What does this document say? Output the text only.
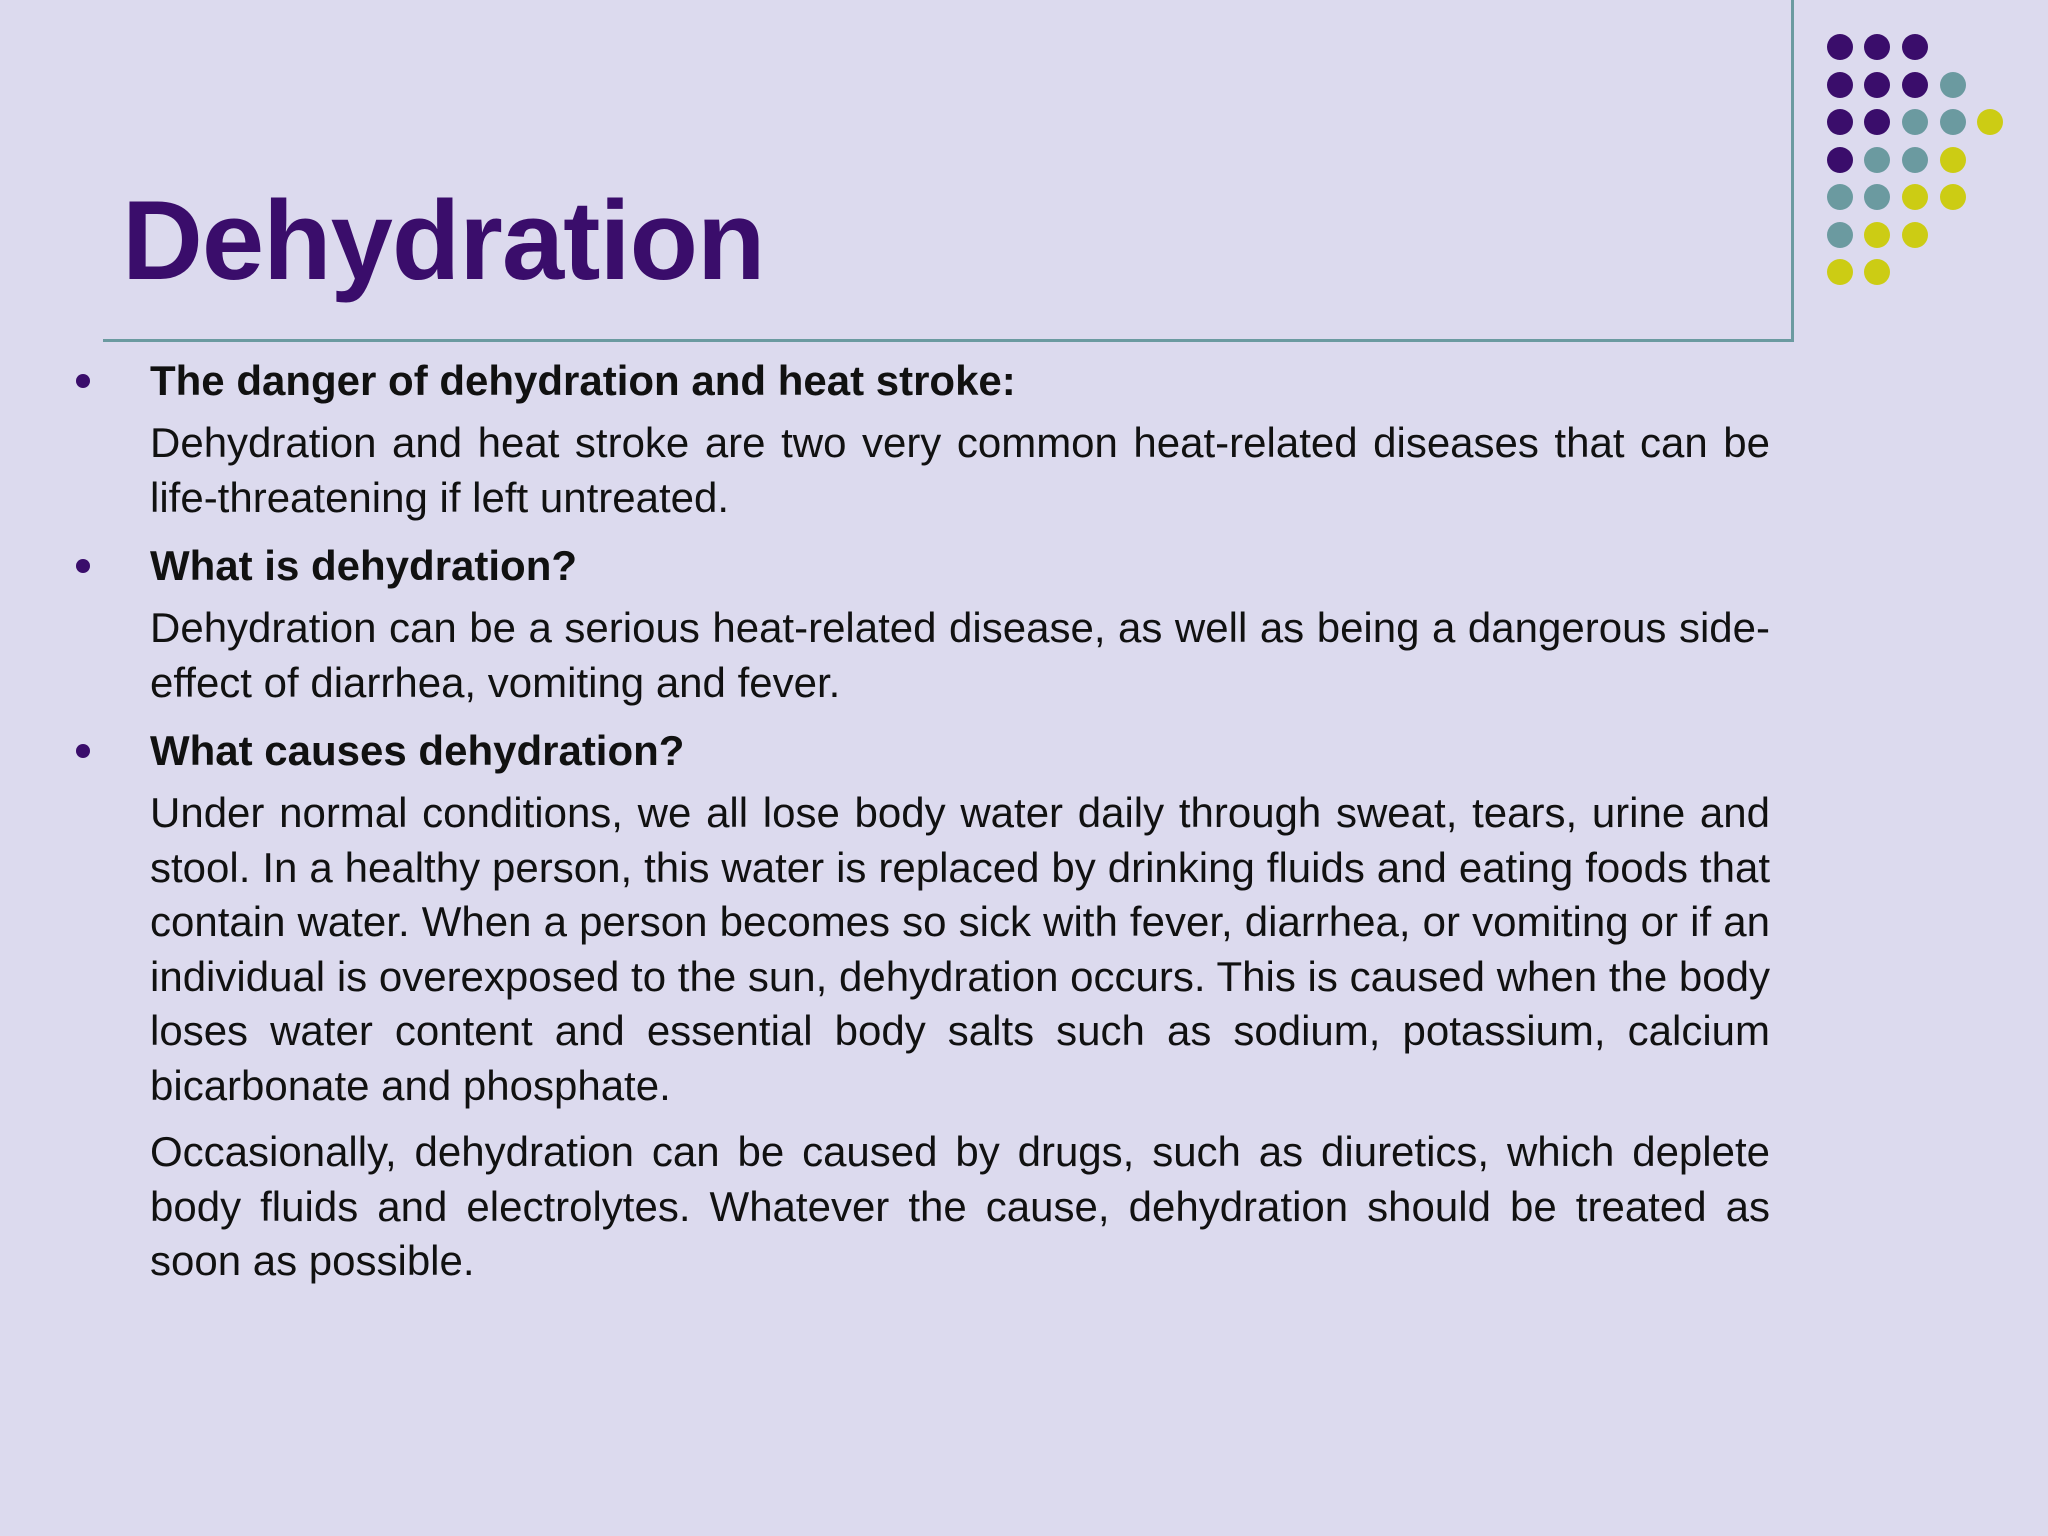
Dehydration

The danger of dehydration and heat stroke:

Dehydration and heat stroke are two very common heat-related diseases that can be life-threatening if left untreated.

What is dehydration?

Dehydration can be a serious heat-related disease, as well as being a dangerous side-effect of diarrhea, vomiting and fever.

What causes dehydration?

Under normal conditions, we all lose body water daily through sweat, tears, urine and stool. In a healthy person, this water is replaced by drinking fluids and eating foods that contain water. When a person becomes so sick with fever, diarrhea, or vomiting or if an individual is overexposed to the sun, dehydration occurs. This is caused when the body loses water content and essential body salts such as sodium, potassium, calcium bicarbonate and phosphate.

Occasionally, dehydration can be caused by drugs, such as diuretics, which deplete body fluids and electrolytes. Whatever the cause, dehydration should be treated as soon as possible.
